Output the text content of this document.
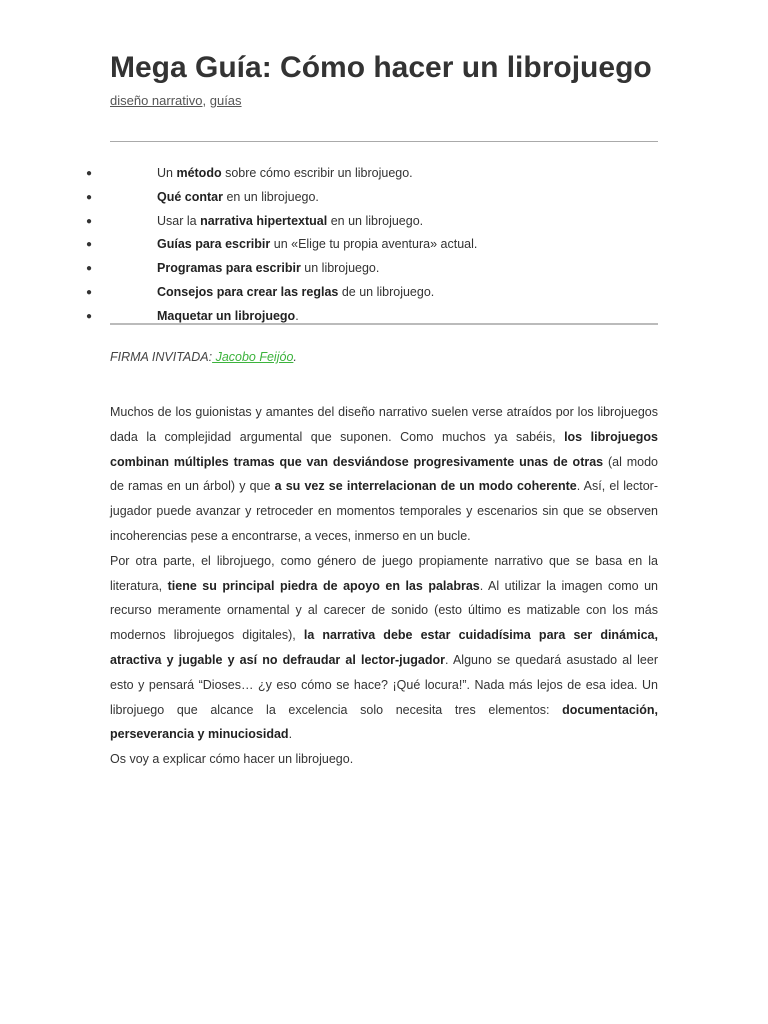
Mega Guía: Cómo hacer un librojuego
diseño narrativo, guías
●	Un método sobre cómo escribir un librojuego.
●	Qué contar en un librojuego.
●	Usar la narrativa hipertextual en un librojuego.
●	Guías para escribir un «Elige tu propia aventura» actual.
●	Programas para escribir un librojuego.
●	Consejos para crear las reglas de un librojuego.
●	Maquetar un librojuego.
FIRMA INVITADA: Jacobo Feijóo.

Muchos de los guionistas y amantes del diseño narrativo suelen verse atraídos por los librojuegos dada la complejidad argumental que suponen. Como muchos ya sabéis, los librojuegos combinan múltiples tramas que van desviándose progresivamente unas de otras (al modo de ramas en un árbol) y que a su vez se interrelacionan de un modo coherente. Así, el lector-jugador puede avanzar y retroceder en momentos temporales y escenarios sin que se observen incoherencias pese a encontrarse, a veces, inmerso en un bucle.

Por otra parte, el librojuego, como género de juego propiamente narrativo que se basa en la literatura, tiene su principal piedra de apoyo en las palabras. Al utilizar la imagen como un recurso meramente ornamental y al carecer de sonido (esto último es matizable con los más modernos librojuegos digitales), la narrativa debe estar cuidadísima para ser dinámica, atractiva y jugable y así no defraudar al lector-jugador. Alguno se quedará asustado al leer esto y pensará “Dioses… ¿y eso cómo se hace? ¡Qué locura!”. Nada más lejos de esa idea. Un librojuego que alcance la excelencia solo necesita tres elementos: documentación, perseverancia y minuciosidad.

Os voy a explicar cómo hacer un librojuego.
